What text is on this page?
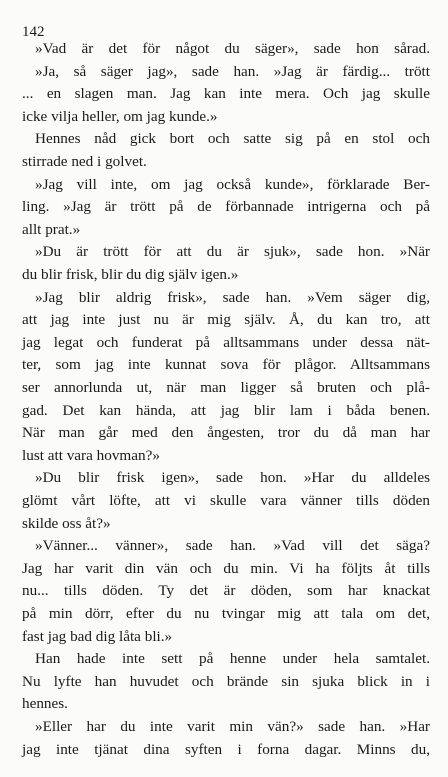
142
»Vad är det för något du säger», sade hon sårad.
»Ja, så säger jag», sade han. »Jag är färdig... trött
... en slagen man. Jag kan inte mera. Och jag skulle
icke vilja heller, om jag kunde.»
Hennes nåd gick bort och satte sig på en stol och
stirrade ned i golvet.
»Jag vill inte, om jag också kunde», förklarade Ber-
ling. »Jag är trött på de förbannade intrigerna och på
allt prat.»
»Du är trött för att du är sjuk», sade hon. »När
du blir frisk, blir du dig själv igen.»
»Jag blir aldrig frisk», sade han. »Vem säger dig,
att jag inte just nu är mig själv. Å, du kan tro, att
jag legat och funderat på alltsammans under dessa nät-
ter, som jag inte kunnat sova för plågor. Alltsammans
ser annorlunda ut, när man ligger så bruten och plå-
gad. Det kan hända, att jag blir lam i båda benen.
När man går med den ångesten, tror du då man har
lust att vara hovman?»
»Du blir frisk igen», sade hon. »Har du alldeles
glömt vårt löfte, att vi skulle vara vänner tills döden
skilde oss åt?»
»Vänner... vänner», sade han. »Vad vill det säga?
Jag har varit din vän och du min. Vi ha följts åt tills
nu... tills döden. Ty det är döden, som har knackat
på min dörr, efter du nu tvingar mig att tala om det,
fast jag bad dig låta bli.»
Han hade inte sett på henne under hela samtalet.
Nu lyfte han huvudet och brände sin sjuka blick in i
hennes.
»Eller har du inte varit min vän?» sade han. »Har
jag inte tjänat dina syften i forna dagar. Minns du,
